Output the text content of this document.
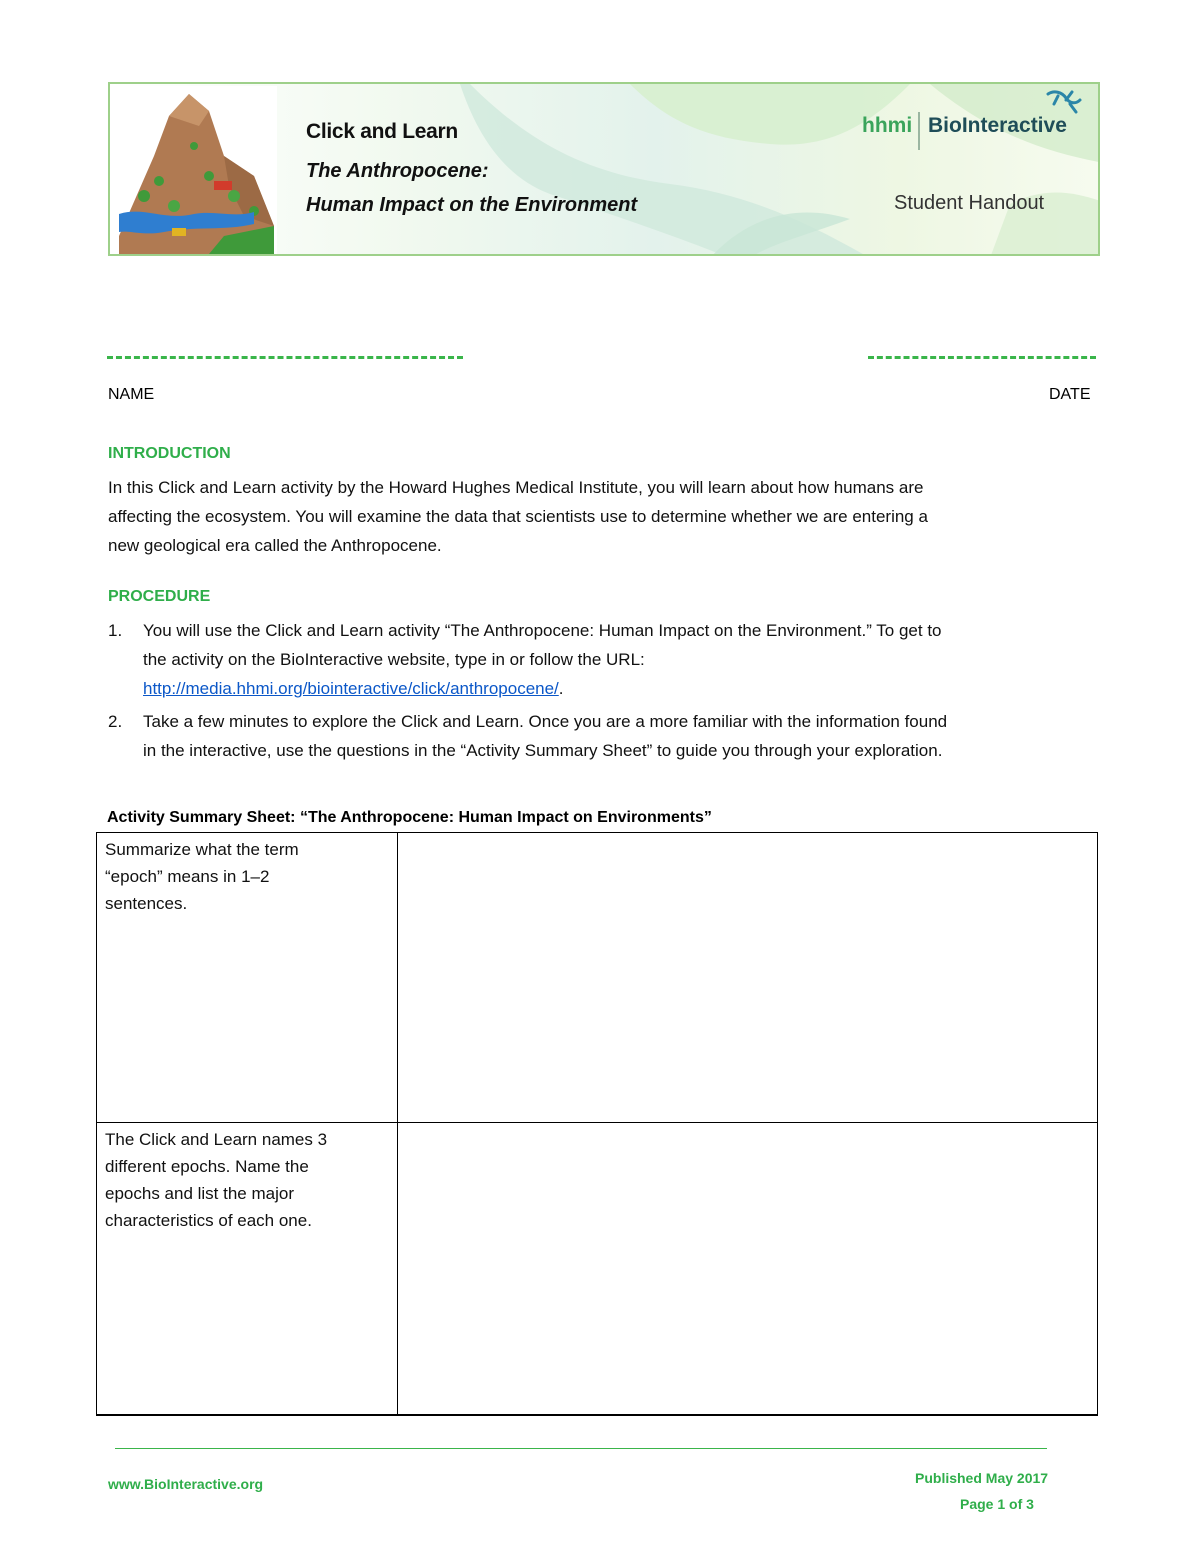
Click and Learn
The Anthropocene:
Human Impact on the Environment
hhmi BioInteractive
Student Handout
NAME	DATE
INTRODUCTION
In this Click and Learn activity by the Howard Hughes Medical Institute, you will learn about how humans are
affecting the ecosystem. You will examine the data that scientists use to determine whether we are entering a
new geological era called the Anthropocene.
PROCEDURE
1. You will use the Click and Learn activity “The Anthropocene: Human Impact on the Environment.” To get to
the activity on the BioInteractive website, type in or follow the URL:
http://media.hhmi.org/biointeractive/click/anthropocene/.
2. Take a few minutes to explore the Click and Learn. Once you are a more familiar with the information found
in the interactive, use the questions in the “Activity Summary Sheet” to guide you through your exploration.
Activity Summary Sheet: “The Anthropocene: Human Impact on Environments”
Summarize what the term
“epoch” means in 1–2
sentences.	

The Click and Learn names 3
different epochs. Name the
epochs and list the major
characteristics of each one.	

www.BioInteractive.org	Published May 2017
Page 1 of 3
